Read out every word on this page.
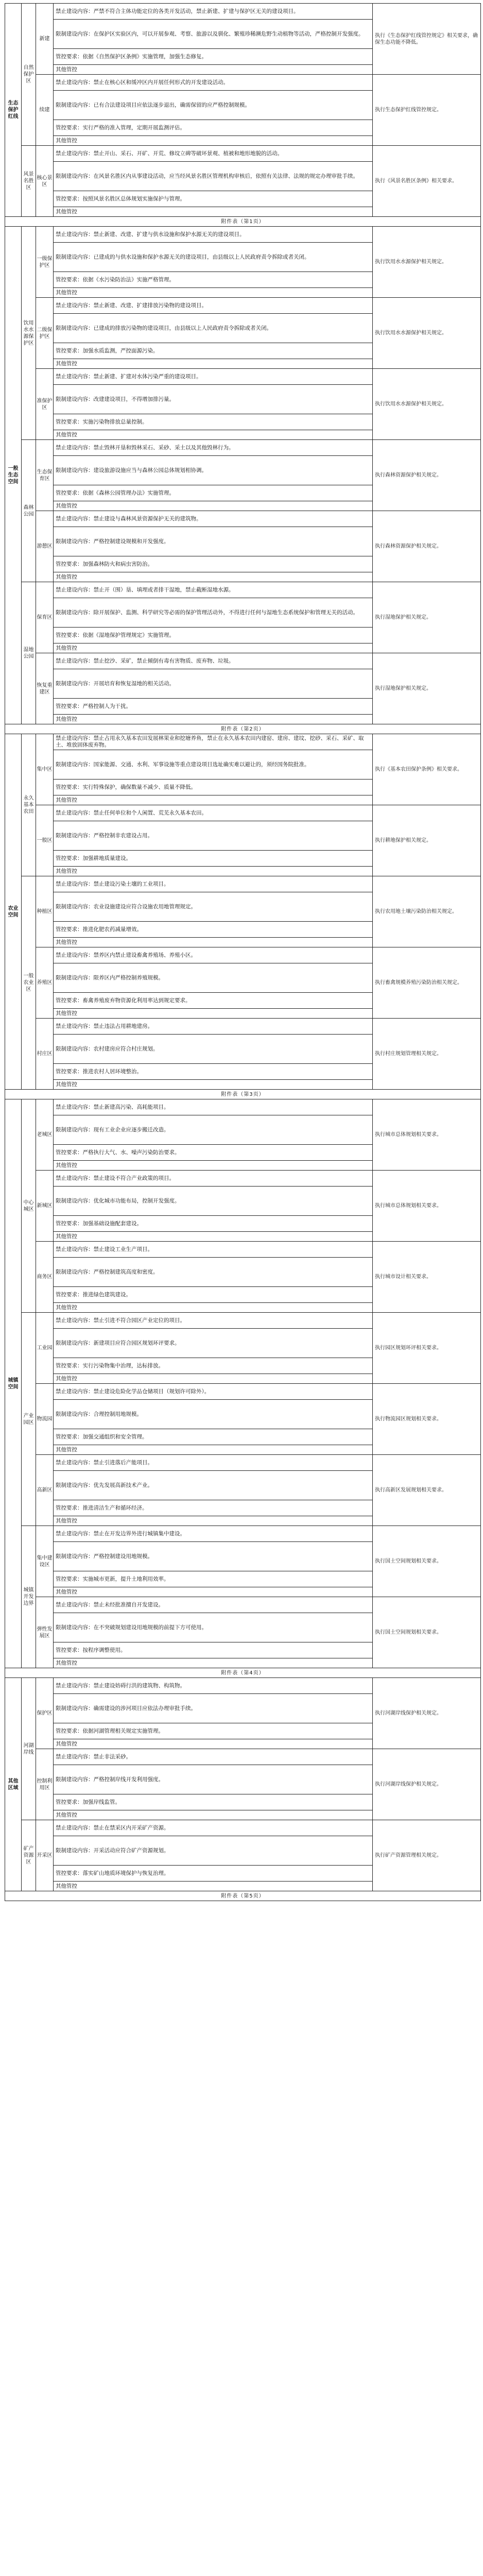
生态保护红线	自然保护区	新建	禁止建设内容：严禁不符合主体功能定位的各类开发活动，禁止新建、扩建与保护区无关的建设项目。	执行《生态保护红线管控规定》相关要求，确保生态功能不降低。
			限制建设内容：在保护区实验区内，可以开展参观、考察、旅游以及驯化、繁殖珍稀濒危野生动植物等活动，严格控制开发强度。	
			管控要求：依据《自然保护区条例》实施管理，加强生态修复。	
			其他管控	
		续建	禁止建设内容：禁止在核心区和缓冲区内开展任何形式的开发建设活动。	执行生态保护红线管控规定。
			限制建设内容：已有合法建设项目应依法逐步退出，确需保留的应严格控制规模。	
			管控要求：实行严格的准入管理，定期开展监测评估。	
			其他管控	
	风景名胜区	核心景区	禁止建设内容：禁止开山、采石、开矿、开荒、修坟立碑等破坏景观、植被和地形地貌的活动。	执行《风景名胜区条例》相关要求。
			限制建设内容：在风景名胜区内从事建设活动，应当经风景名胜区管理机构审核后，依照有关法律、法规的规定办理审批手续。	
			管控要求：按照风景名胜区总体规划实施保护与管理。	
			其他管控	
附件表（第1页）				
一般生态空间	饮用水水源保护区	一级保护区	禁止建设内容：禁止新建、改建、扩建与供水设施和保护水源无关的建设项目。	执行饮用水水源保护相关规定。
			限制建设内容：已建成的与供水设施和保护水源无关的建设项目，由县级以上人民政府责令拆除或者关闭。	
			管控要求：依据《水污染防治法》实施严格管理。	
			其他管控	
		二级保护区	禁止建设内容：禁止新建、改建、扩建排放污染物的建设项目。	执行饮用水水源保护相关规定。
			限制建设内容：已建成的排放污染物的建设项目，由县级以上人民政府责令拆除或者关闭。	
			管控要求：加强水质监测，严控面源污染。	
			其他管控	
		准保护区	禁止建设内容：禁止新建、扩建对水体污染严重的建设项目。	执行饮用水水源保护相关规定。
			限制建设内容：改建建设项目，不得增加排污量。	
			管控要求：实施污染物排放总量控制。	
			其他管控	
	森林公园	生态保育区	禁止建设内容：禁止毁林开垦和毁林采石、采砂、采土以及其他毁林行为。	执行森林资源保护相关规定。
			限制建设内容：建设旅游设施应当与森林公园总体规划相协调。	
			管控要求：依据《森林公园管理办法》实施管理。	
			其他管控	
		游憩区	禁止建设内容：禁止建设与森林风景资源保护无关的建筑物。	执行森林资源保护相关规定。
			限制建设内容：严格控制建设规模和开发强度。	
			管控要求：加强森林防火和病虫害防治。	
			其他管控	
	湿地公园	保育区	禁止建设内容：禁止开（围）垦、填埋或者排干湿地，禁止截断湿地水源。	执行湿地保护相关规定。
			限制建设内容：除开展保护、监测、科学研究等必需的保护管理活动外，不得进行任何与湿地生态系统保护和管理无关的活动。	
			管控要求：依据《湿地保护管理规定》实施管理。	
			其他管控	
		恢复重建区	禁止建设内容：禁止挖沙、采矿，禁止倾倒有毒有害物质、废弃物、垃圾。	执行湿地保护相关规定。
			限制建设内容：开展培育和恢复湿地的相关活动。	
			管控要求：严格控制人为干扰。	
			其他管控	
附件表（第2页）				
农业空间	永久基本农田	集中区	禁止建设内容：禁止占用永久基本农田发展林果业和挖塘养鱼，禁止在永久基本农田内建窑、建房、建坟、挖砂、采石、采矿、取土、堆放固体废弃物。	执行《基本农田保护条例》相关要求。
			限制建设内容：国家能源、交通、水利、军事设施等重点建设项目选址确实难以避让的，须经国务院批准。	
			管控要求：实行特殊保护，确保数量不减少、质量不降低。	
			其他管控	
		一般区	禁止建设内容：禁止任何单位和个人闲置、荒芜永久基本农田。	执行耕地保护相关规定。
			限制建设内容：严格控制非农建设占用。	
			管控要求：加强耕地质量建设。	
			其他管控	
	一般农业区	种植区	禁止建设内容：禁止建设污染土壤的工业项目。	执行农用地土壤污染防治相关规定。
			限制建设内容：农业设施建设应符合设施农用地管理规定。	
			管控要求：推进化肥农药减量增效。	
			其他管控	
		养殖区	禁止建设内容：禁养区内禁止建设畜禽养殖场、养殖小区。	执行畜禽规模养殖污染防治相关规定。
			限制建设内容：限养区内严格控制养殖规模。	
			管控要求：畜禽养殖废弃物资源化利用率达到规定要求。	
			其他管控	
		村庄区	禁止建设内容：禁止违法占用耕地建房。	执行村庄规划管理相关规定。
			限制建设内容：农村建房应符合村庄规划。	
			管控要求：推进农村人居环境整治。	
			其他管控	
附件表（第3页）				
城镇空间	中心城区	老城区	禁止建设内容：禁止新建高污染、高耗能项目。	执行城市总体规划相关要求。
			限制建设内容：现有工业企业应逐步搬迁改造。	
			管控要求：严格执行大气、水、噪声污染防治要求。	
			其他管控	
		新城区	禁止建设内容：禁止建设不符合产业政策的项目。	执行城市总体规划相关要求。
			限制建设内容：优化城市功能布局，控制开发强度。	
			管控要求：加强基础设施配套建设。	
			其他管控	
		商务区	禁止建设内容：禁止建设工业生产项目。	执行城市设计相关要求。
			限制建设内容：严格控制建筑高度和密度。	
			管控要求：推进绿色建筑建设。	
			其他管控	
	产业园区	工业园	禁止建设内容：禁止引进不符合园区产业定位的项目。	执行园区规划环评相关要求。
			限制建设内容：新建项目应符合园区规划环评要求。	
			管控要求：实行污染物集中治理，达标排放。	
			其他管控	
		物流园	禁止建设内容：禁止建设危险化学品仓储项目（规划许可除外）。	执行物流园区规划相关要求。
			限制建设内容：合理控制用地规模。	
			管控要求：加强交通组织和安全管理。	
			其他管控	
		高新区	禁止建设内容：禁止引进落后产能项目。	执行高新区发展规划相关要求。
			限制建设内容：优先发展高新技术产业。	
			管控要求：推进清洁生产和循环经济。	
			其他管控	
	城镇开发边界	集中建设区	禁止建设内容：禁止在开发边界外进行城镇集中建设。	执行国土空间规划相关要求。
			限制建设内容：严格控制建设用地规模。	
			管控要求：实施城市更新，提升土地利用效率。	
			其他管控	
		弹性发展区	禁止建设内容：禁止未经批准擅自开发建设。	执行国土空间规划相关要求。
			限制建设内容：在不突破规划建设用地规模的前提下方可使用。	
			管控要求：按程序调整使用。	
			其他管控	
附件表（第4页）				
其他区域	河湖岸线	保护区	禁止建设内容：禁止建设妨碍行洪的建筑物、构筑物。	执行河湖岸线保护相关规定。
			限制建设内容：确需建设的涉河项目应依法办理审批手续。	
			管控要求：依据河湖管理相关规定实施管理。	
			其他管控	
		控制利用区	禁止建设内容：禁止非法采砂。	执行河湖岸线保护相关规定。
			限制建设内容：严格控制岸线开发利用强度。	
			管控要求：加强岸线监管。	
			其他管控	
	矿产资源区	开采区	禁止建设内容：禁止在禁采区内开采矿产资源。	执行矿产资源管理相关规定。
			限制建设内容：开采活动应符合矿产资源规划。	
			管控要求：落实矿山地质环境保护与恢复治理。	
			其他管控	
附件表（第5页）				
